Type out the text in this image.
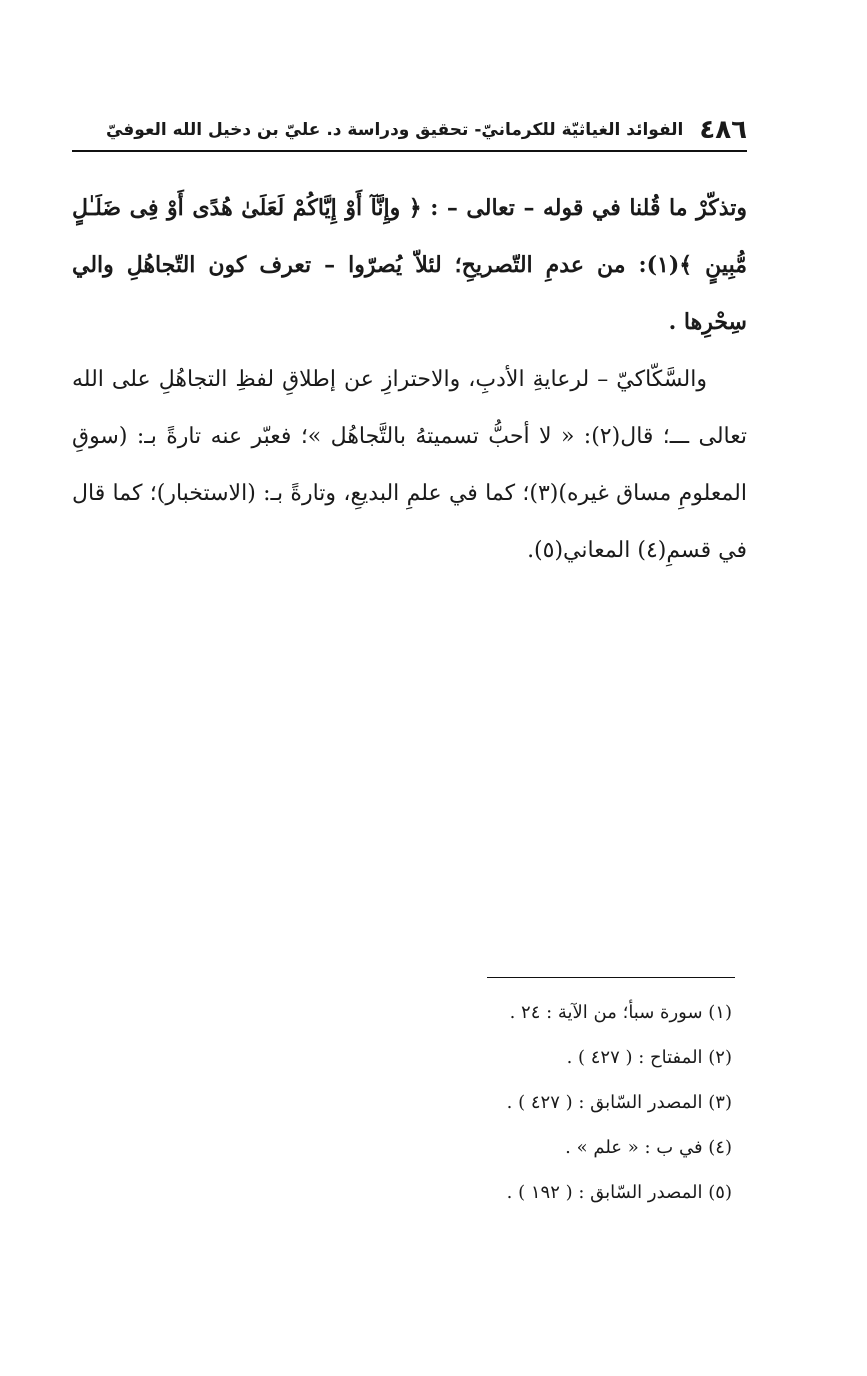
٤٨٦
الفوائد الغياثيّة للكرمانيّ- تحقيق ودراسة د. عليّ بن دخيل الله العوفيّ

وتذكّرْ ما قُلنا في قوله – تعالى – : ﴿ وإِنَّآ أَوْ إِيَّاكُمْ لَعَلَىٰ هُدًى أَوْ فِى ضَلَـٰلٍ مُّبِينٍ ﴾(١): من عدمِ التّصريحِ؛ لئلاّ يُصرّوا – تعرف كون التّجاهُلِ والي سِحْرِها .

والسَّكّاكيّ – لرعايةِ الأدبِ، والاحترازِ عن إطلاقِ لفظِ التجاهُلِ على الله تعالى ـــ؛ قال(٢): « لا أحبُّ تسميتهُ بالتَّجاهُل »؛ فعبّر عنه تارةً بـ: (سوقِ المعلومِ مساق غيره)(٣)؛ كما في علمِ البديعِ، وتارةً بـ: (الاستخبار)؛ كما قال في قسمِ(٤) المعاني(٥).

(١) سورة سبأ؛ من الآية : ٢٤ .
(٢) المفتاح : ( ٤٢٧ ) .
(٣) المصدر السّابق : ( ٤٢٧ ) .
(٤) في ب : « علم » .
(٥) المصدر السّابق : ( ١٩٢ ) .
